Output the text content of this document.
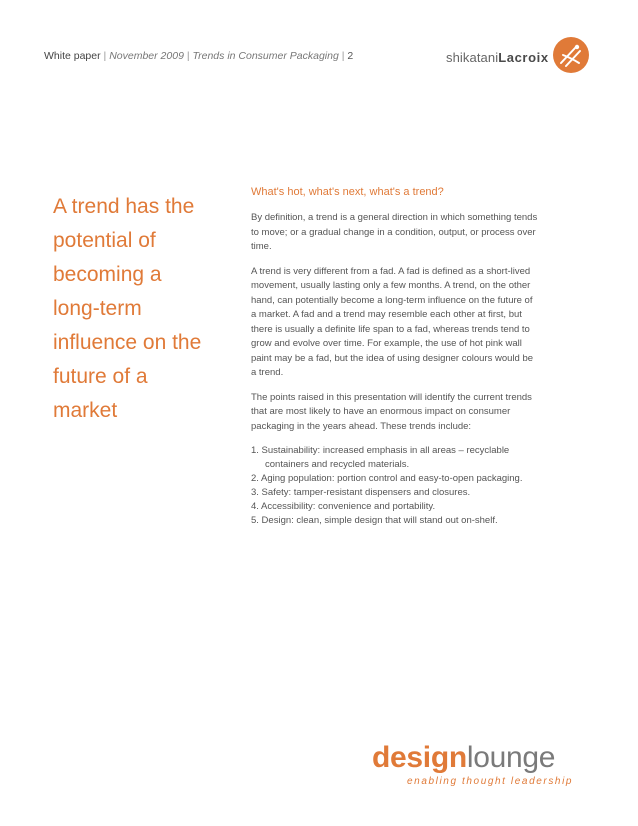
White paper | November 2009 | Trends in Consumer Packaging | 2	shikataniLacroix
A trend has the
potential of
becoming a
long-term
influence on the
future of a
market
What's hot, what's next, what's a trend?

By definition, a trend is a general direction in which something tends
to move; or a gradual change in a condition, output, or process over
time.

A trend is very different from a fad. A fad is defined as a short-lived
movement, usually lasting only a few months. A trend, on the other
hand, can potentially become a long-term influence on the future of
a market. A fad and a trend may resemble each other at first, but
there is usually a definite life span to a fad, whereas trends tend to
grow and evolve over time. For example, the use of hot pink wall
paint may be a fad, but the idea of using designer colours would be
a trend.

The points raised in this presentation will identify the current trends
that are most likely to have an enormous impact on consumer
packaging in the years ahead. These trends include:

1. Sustainability: increased emphasis in all areas – recyclable
containers and recycled materials.
2. Aging population: portion control and easy-to-open packaging.
3. Safety: tamper-resistant dispensers and closures.
4. Accessibility: convenience and portability.
5. Design: clean, simple design that will stand out on-shelf.
designlounge
enabling thought leadership
